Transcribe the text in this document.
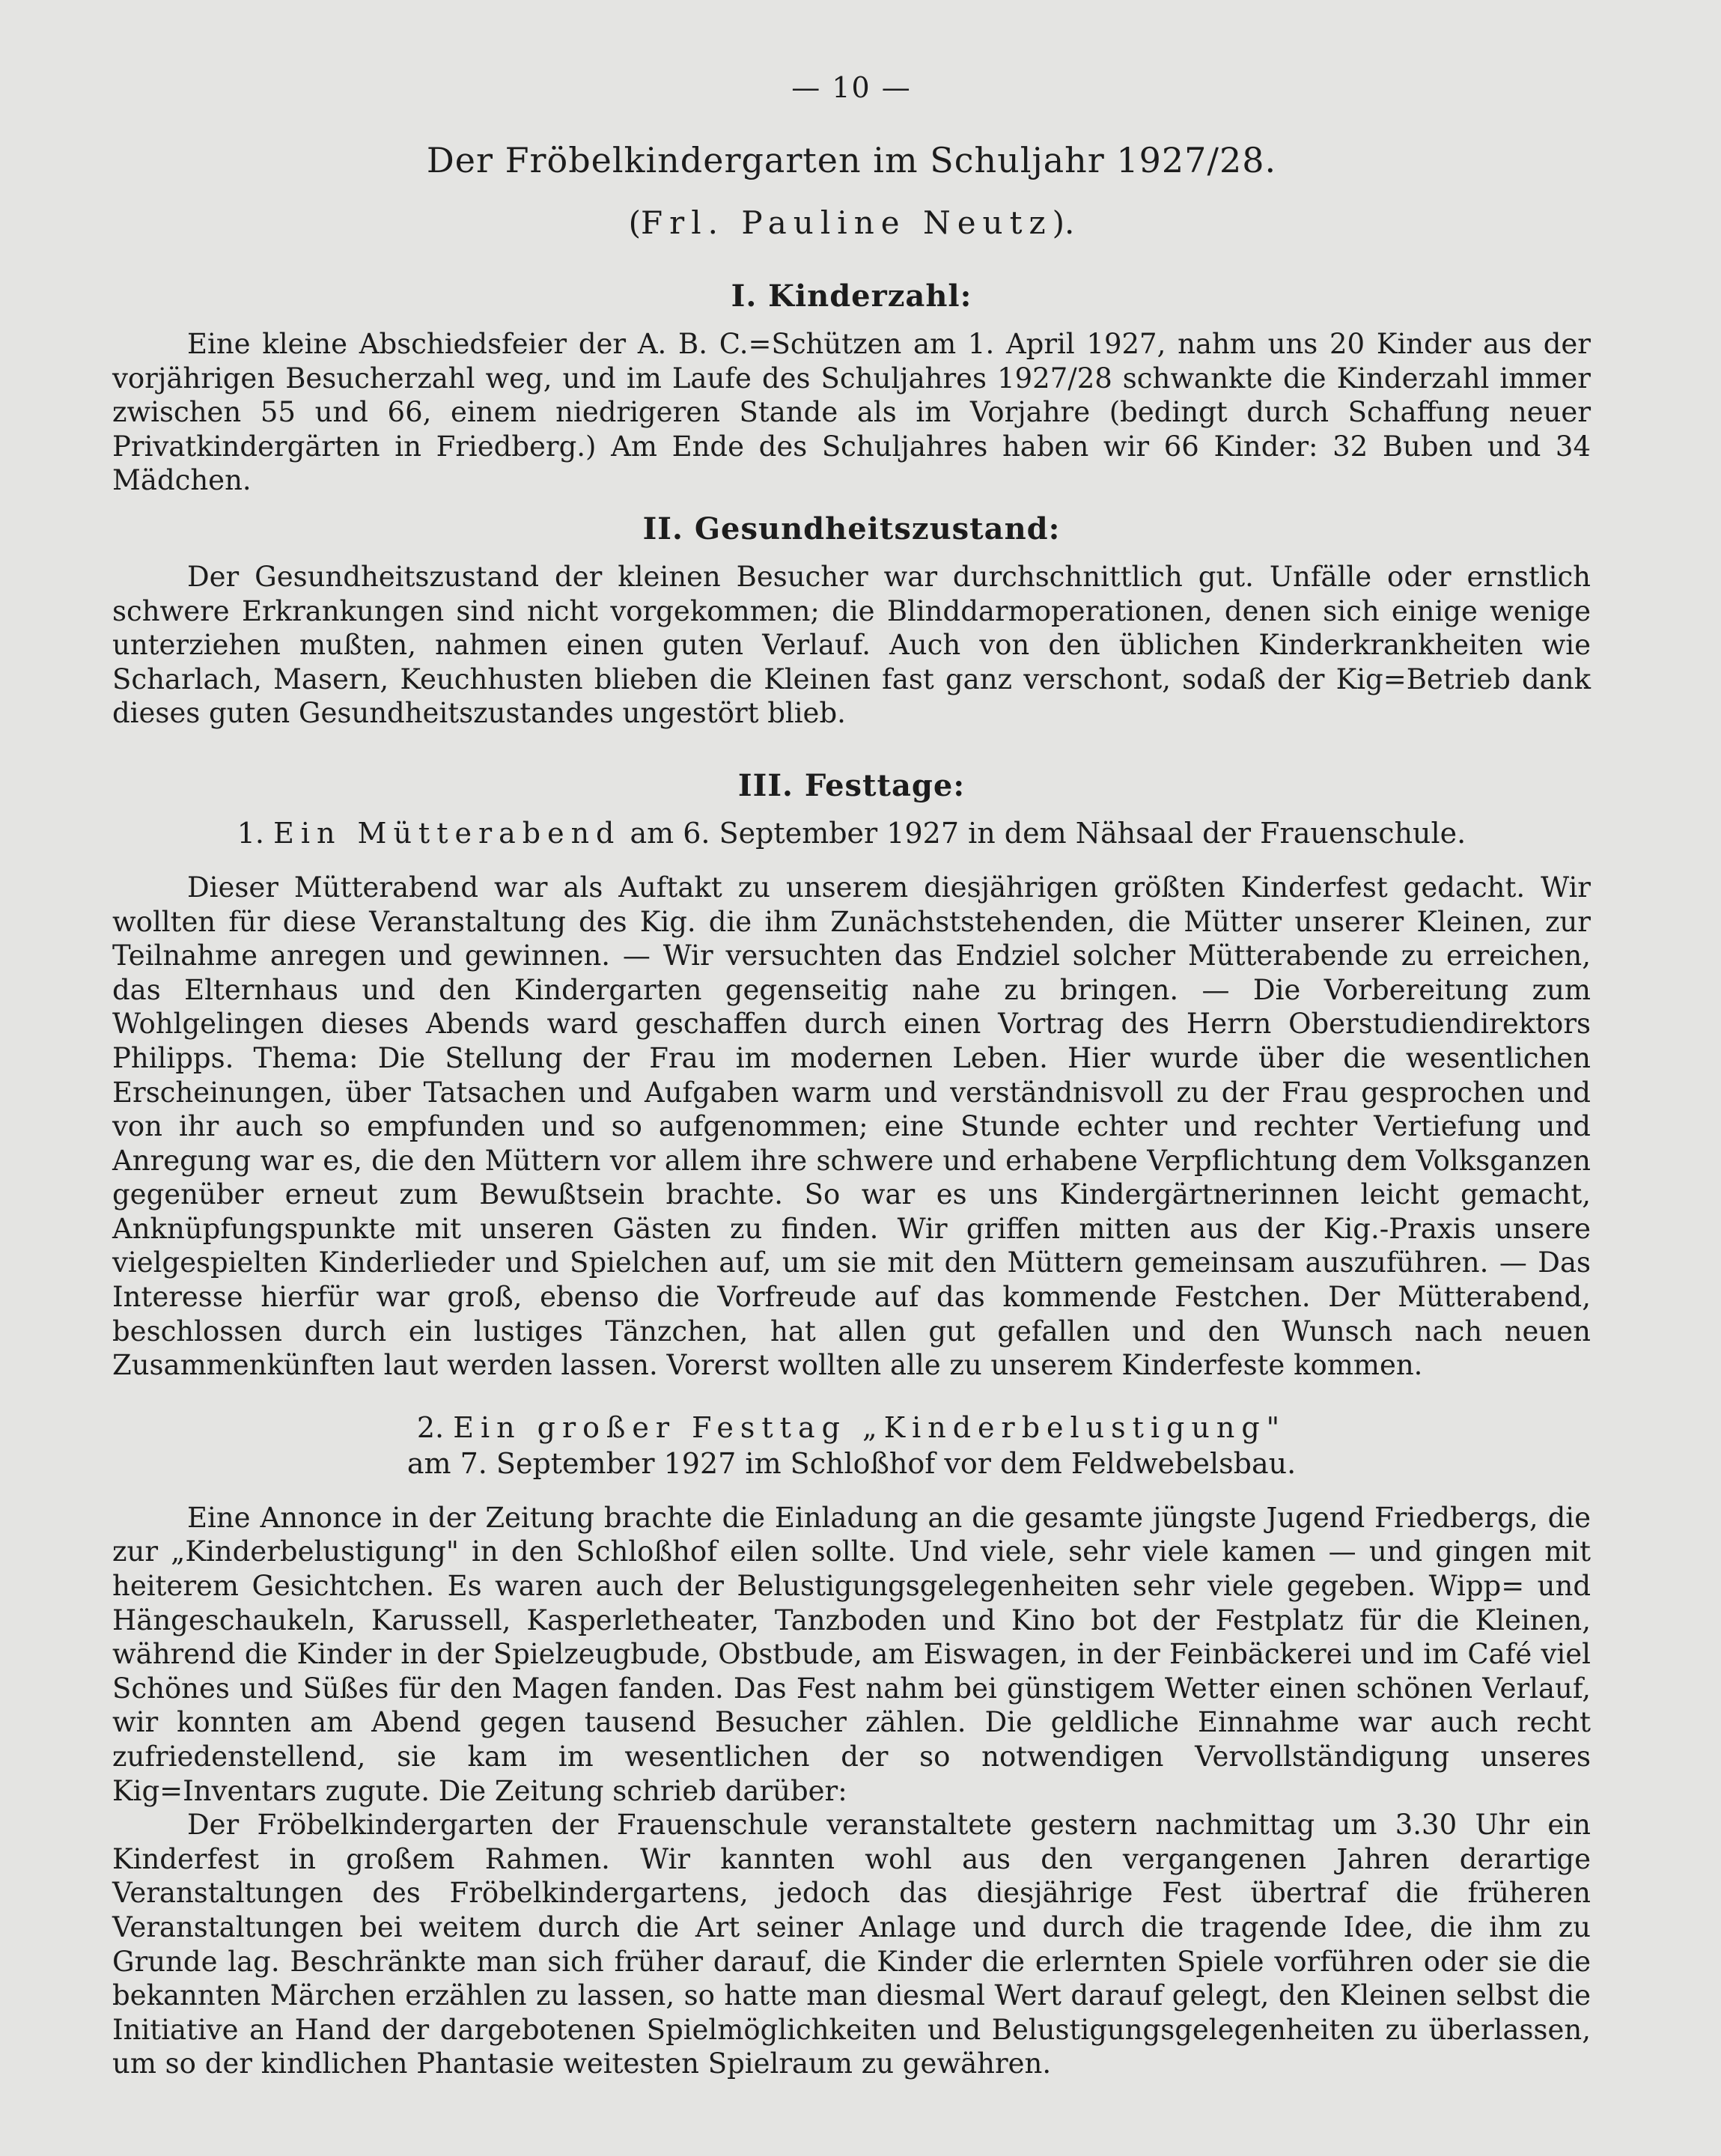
— 10 —
Der Fröbelkindergarten im Schuljahr 1927/28.
(Frl. Pauline Neutz).
I. Kinderzahl:

Eine kleine Abschiedsfeier der A. B. C.=Schützen am 1. April 1927, nahm uns 20 Kinder aus der vorjährigen Besucherzahl weg, und im Laufe des Schuljahres 1927/28 schwankte die Kinderzahl immer zwischen 55 und 66, einem niedrigeren Stande als im Vorjahre (bedingt durch Schaffung neuer Privatkindergärten in Friedberg.) Am Ende des Schuljahres haben wir 66 Kinder: 32 Buben und 34 Mädchen.

II. Gesundheitszustand:

Der Gesundheitszustand der kleinen Besucher war durchschnittlich gut. Unfälle oder ernstlich schwere Erkrankungen sind nicht vorgekommen; die Blinddarmoperationen, denen sich einige wenige unterziehen mußten, nahmen einen guten Verlauf. Auch von den üblichen Kinderkrankheiten wie Scharlach, Masern, Keuchhusten blieben die Kleinen fast ganz verschont, sodaß der Kig=Betrieb dank dieses guten Gesundheitszustandes ungestört blieb.

III. Festtage:
1. Ein Mütterabend am 6. September 1927 in dem Nähsaal der Frauenschule.

Dieser Mütterabend war als Auftakt zu unserem diesjährigen größten Kinderfest gedacht. Wir wollten für diese Veranstaltung des Kig. die ihm Zunächststehenden, die Mütter unserer Kleinen, zur Teilnahme anregen und gewinnen. — Wir versuchten das Endziel solcher Mütterabende zu erreichen, das Elternhaus und den Kindergarten gegenseitig nahe zu bringen. — Die Vorbereitung zum Wohlgelingen dieses Abends ward geschaffen durch einen Vortrag des Herrn Oberstudiendirektors Philipps. Thema: Die Stellung der Frau im modernen Leben. Hier wurde über die wesentlichen Erscheinungen, über Tatsachen und Aufgaben warm und verständnisvoll zu der Frau gesprochen und von ihr auch so empfunden und so aufgenommen; eine Stunde echter und rechter Vertiefung und Anregung war es, die den Müttern vor allem ihre schwere und erhabene Verpflichtung dem Volksganzen gegenüber erneut zum Bewußtsein brachte. So war es uns Kindergärtnerinnen leicht gemacht, Anknüpfungspunkte mit unseren Gästen zu finden. Wir griffen mitten aus der Kig.-Praxis unsere vielgespielten Kinderlieder und Spielchen auf, um sie mit den Müttern gemeinsam auszuführen. — Das Interesse hierfür war groß, ebenso die Vorfreude auf das kommende Festchen. Der Mütterabend, beschlossen durch ein lustiges Tänzchen, hat allen gut gefallen und den Wunsch nach neuen Zusammenkünften laut werden lassen. Vorerst wollten alle zu unserem Kinderfeste kommen.

2. Ein großer Festtag „Kinderbelustigung"
am 7. September 1927 im Schloßhof vor dem Feldwebelsbau.

Eine Annonce in der Zeitung brachte die Einladung an die gesamte jüngste Jugend Friedbergs, die zur „Kinderbelustigung" in den Schloßhof eilen sollte. Und viele, sehr viele kamen — und gingen mit heiterem Gesichtchen. Es waren auch der Belustigungsgelegenheiten sehr viele gegeben. Wipp= und Hängeschaukeln, Karussell, Kasperletheater, Tanzboden und Kino bot der Festplatz für die Kleinen, während die Kinder in der Spielzeugbude, Obstbude, am Eiswagen, in der Feinbäckerei und im Café viel Schönes und Süßes für den Magen fanden. Das Fest nahm bei günstigem Wetter einen schönen Verlauf, wir konnten am Abend gegen tausend Besucher zählen. Die geldliche Einnahme war auch recht zufriedenstellend, sie kam im wesentlichen der so notwendigen Vervollständigung unseres Kig=Inventars zugute. Die Zeitung schrieb darüber:

Der Fröbelkindergarten der Frauenschule veranstaltete gestern nachmittag um 3.30 Uhr ein Kinderfest in großem Rahmen. Wir kannten wohl aus den vergangenen Jahren derartige Veranstaltungen des Fröbelkindergartens, jedoch das diesjährige Fest übertraf die früheren Veranstaltungen bei weitem durch die Art seiner Anlage und durch die tragende Idee, die ihm zu Grunde lag. Beschränkte man sich früher darauf, die Kinder die erlernten Spiele vorführen oder sie die bekannten Märchen erzählen zu lassen, so hatte man diesmal Wert darauf gelegt, den Kleinen selbst die Initiative an Hand der dargebotenen Spielmöglichkeiten und Belustigungsgelegenheiten zu überlassen, um so der kindlichen Phantasie weitesten Spielraum zu gewähren.
